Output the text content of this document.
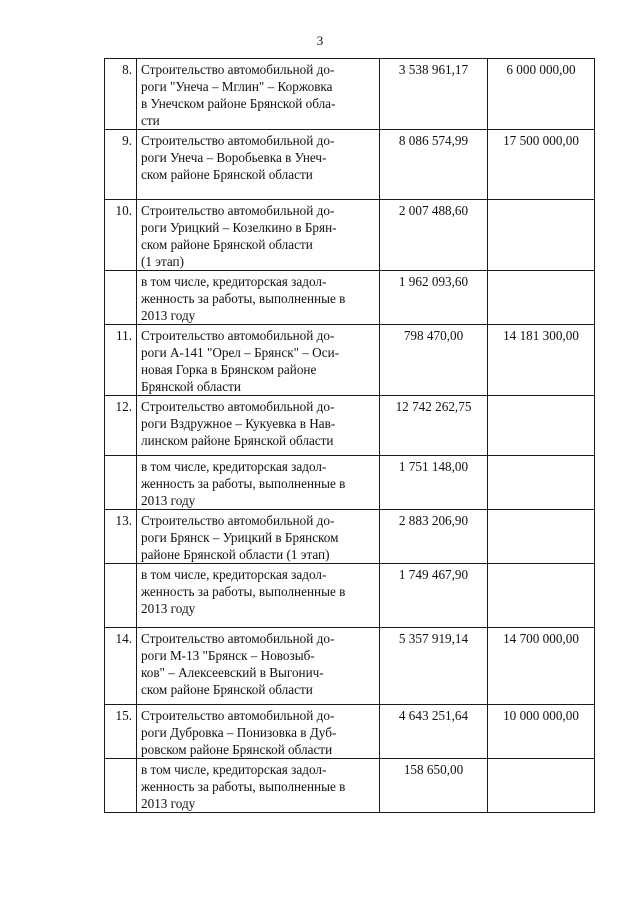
3
8.	Строительство автомобильной до-
роги "Унеча – Мглин" – Коржовка
в Унечском районе Брянской обла-
сти	3 538 961,17	6 000 000,00
9.	Строительство автомобильной до-
роги Унеча – Воробьевка в Унеч-
ском районе Брянской области	8 086 574,99	17 500 000,00
10.	Строительство автомобильной до-
роги Урицкий – Козелкино в Брян-
ском районе Брянской области
(1 этап)	2 007 488,60	

	в том числе, кредиторская задол-
женность за работы, выполненные в
2013 году	1 962 093,60	
11.	Строительство автомобильной до-
роги А-141 "Орел – Брянск" – Оси-
новая Горка в Брянском районе
Брянской области	798 470,00	14 181 300,00
12.	Строительство автомобильной до-
роги Вздружное – Кукуевка в Нав-
линском районе Брянской области	12 742 262,75	

	в том числе, кредиторская задол-
женность за работы, выполненные в
2013 году	1 751 148,00	
13.	Строительство автомобильной до-
роги Брянск – Урицкий в Брянском
районе Брянской области (1 этап)	2 883 206,90	

	в том числе, кредиторская задол-
женность за работы, выполненные в
2013 году	1 749 467,90	
14.	Строительство автомобильной до-
роги М-13 "Брянск – Новозыб-
ков" – Алексеевский в Выгонич-
ском районе Брянской области	5 357 919,14	14 700 000,00
15.	Строительство автомобильной до-
роги Дубровка – Понизовка в Дуб-
ровском районе Брянской области	4 643 251,64	10 000 000,00

	в том числе, кредиторская задол-
женность за работы, выполненные в
2013 году	158 650,00	
